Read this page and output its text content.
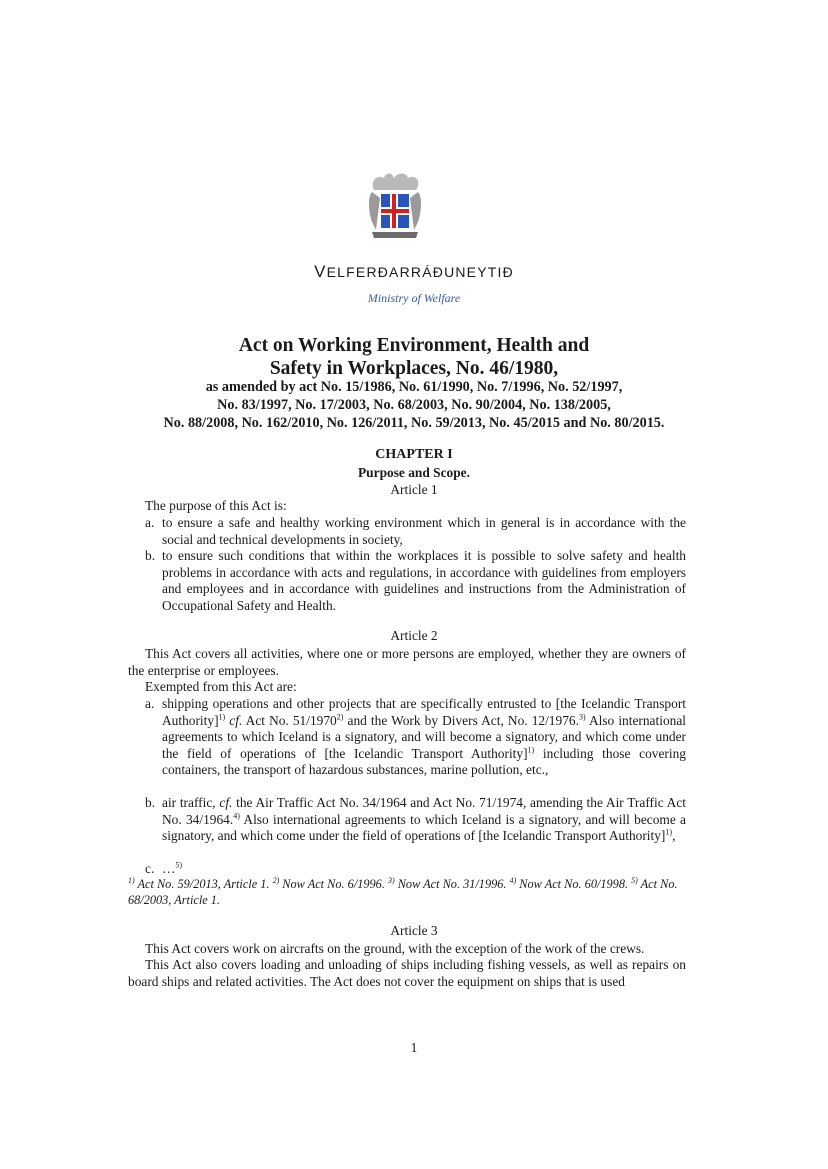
VELFERÐARRÁÐUNEYTIÐ
Ministry of Welfare
Act on Working Environment, Health and
Safety in Workplaces, No. 46/1980,
as amended by act No. 15/1986, No. 61/1990, No. 7/1996, No. 52/1997,
No. 83/1997, No. 17/2003, No. 68/2003, No. 90/2004, No. 138/2005,
No. 88/2008, No. 162/2010, No. 126/2011, No. 59/2013, No. 45/2015 and No. 80/2015.
CHAPTER I
Purpose and Scope.
Article 1
The purpose of this Act is:
a. to ensure a safe and healthy working environment which in general is in accordance with the social and technical developments in society,
b. to ensure such conditions that within the workplaces it is possible to solve safety and health problems in accordance with acts and regulations, in accordance with guidelines from employers and employees and in accordance with guidelines and instructions from the Administration of Occupational Safety and Health.
Article 2
This Act covers all activities, where one or more persons are employed, whether they are owners of the enterprise or employees.
Exempted from this Act are:
a. shipping operations and other projects that are specifically entrusted to [the Icelandic Transport Authority]$^{1)}$ cf. Act No. 51/1970$^{2)}$ and the Work by Divers Act, No. 12/1976.$^{3)}$ Also international agreements to which Iceland is a signatory, and will become a signatory, and which come under the field of operations of [the Icelandic Transport Authority]$^{1)}$ including those covering containers, the transport of hazardous substances, marine pollution, etc.,
b. air traffic, cf. the Air Traffic Act No. 34/1964 and Act No. 71/1974, amending the Air Traffic Act No. 34/1964.$^{4)}$ Also international agreements to which Iceland is a signatory, and will become a signatory, and which come under the field of operations of [the Icelandic Transport Authority]$^{1)}$,
c. …$^{5)}$
$^{1)}$ Act No. 59/2013, Article 1. $^{2)}$ Now Act No. 6/1996. $^{3)}$ Now Act No. 31/1996. $^{4)}$ Now Act No. 60/1998. $^{5)}$ Act No. 68/2003, Article 1.
Article 3
This Act covers work on aircrafts on the ground, with the exception of the work of the crews.
This Act also covers loading and unloading of ships including fishing vessels, as well as repairs on board ships and related activities. The Act does not cover the equipment on ships that is used
1
